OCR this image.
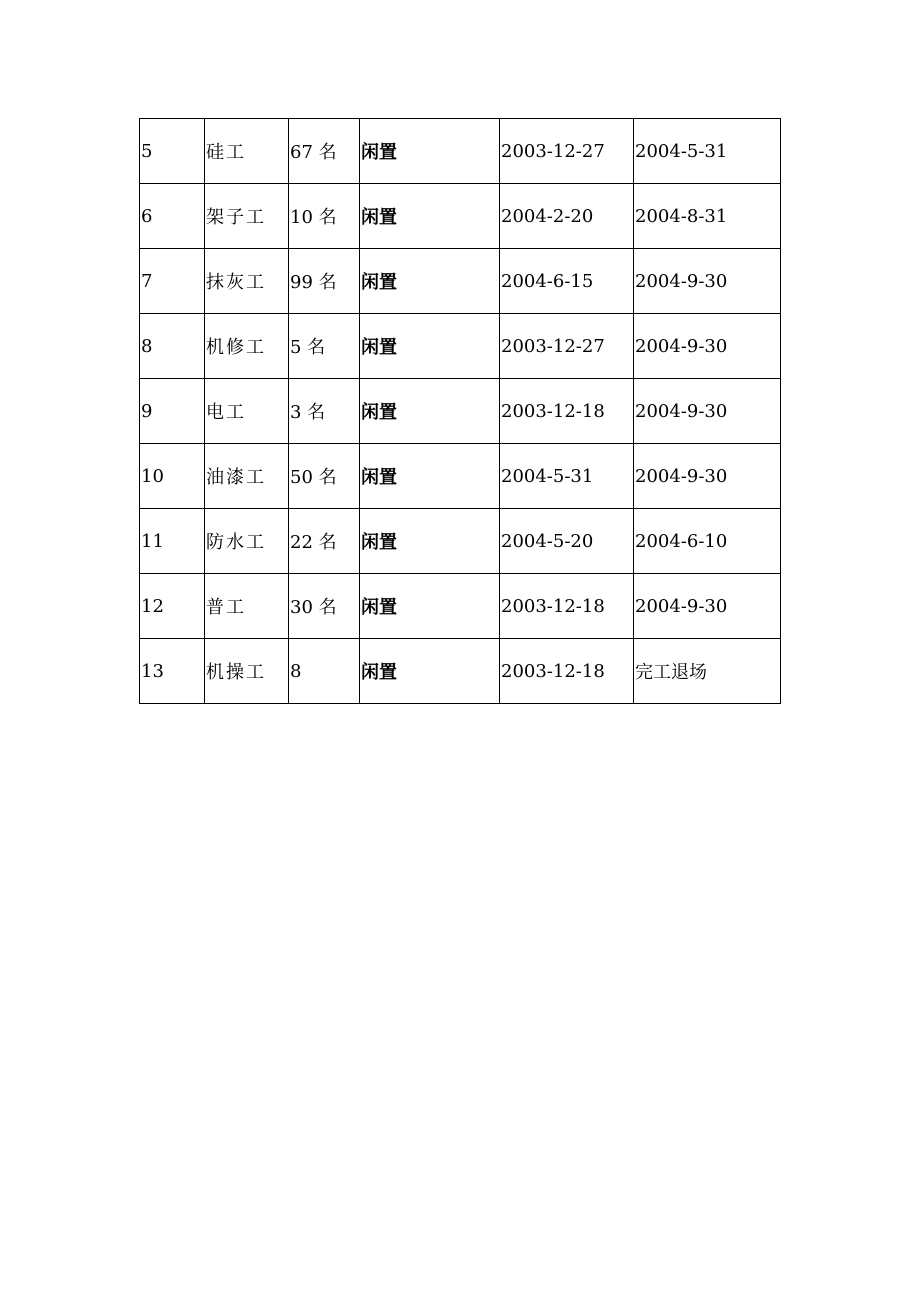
5	硅工	67 名	闲置	2003-12-27	2004-5-31
6	架子工	10 名	闲置	2004-2-20	2004-8-31
7	抹灰工	99 名	闲置	2004-6-15	2004-9-30
8	机修工	5 名	闲置	2003-12-27	2004-9-30
9	电工	3 名	闲置	2003-12-18	2004-9-30
10	油漆工	50 名	闲置	2004-5-31	2004-9-30
11	防水工	22 名	闲置	2004-5-20	2004-6-10
12	普工	30 名	闲置	2003-12-18	2004-9-30
13	机操工	8	闲置	2003-12-18	完工退场
